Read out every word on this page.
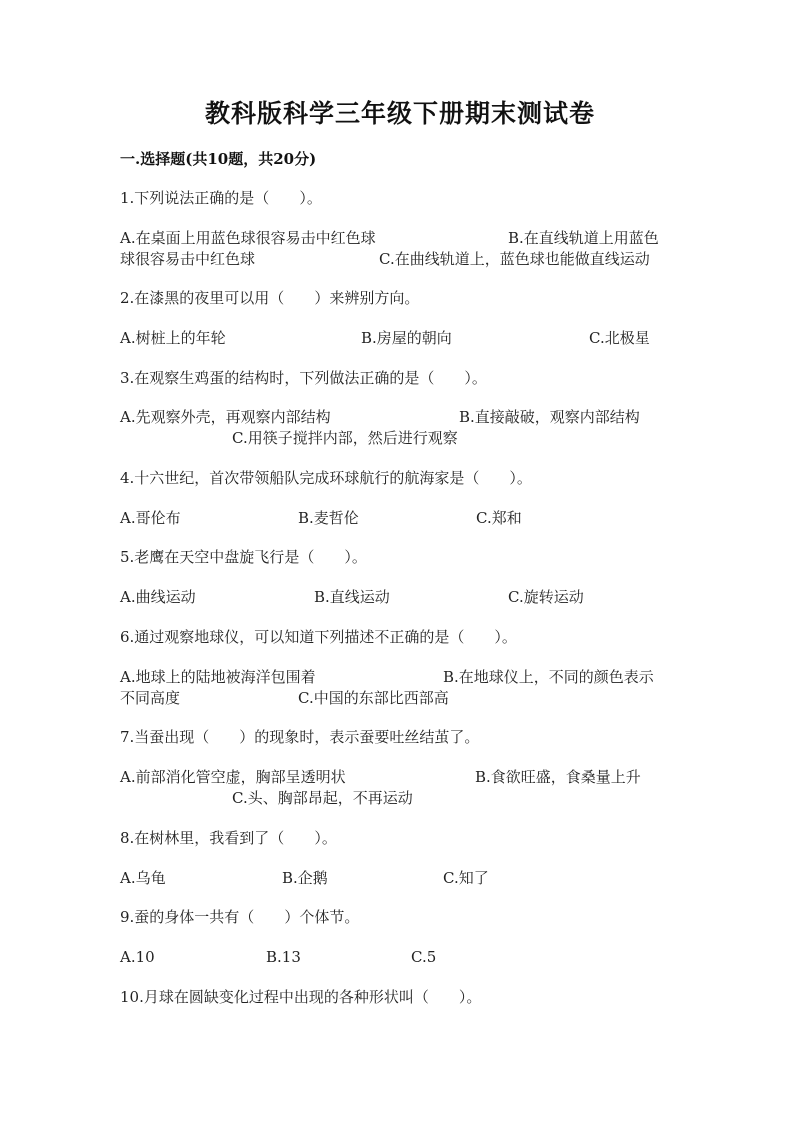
教科版科学三年级下册期末测试卷
一.选择题(共10题，共20分)
1.下列说法正确的是（　　）。
A.在桌面上用蓝色球很容易击中红色球	B.在直线轨道上用蓝色
球很容易击中红色球	C.在曲线轨道上，蓝色球也能做直线运动
2.在漆黑的夜里可以用（　　）来辨别方向。
A.树桩上的年轮	B.房屋的朝向	C.北极星
3.在观察生鸡蛋的结构时，下列做法正确的是（　　）。
A.先观察外壳，再观察内部结构	B.直接敲破，观察内部结构
C.用筷子搅拌内部，然后进行观察
4.十六世纪，首次带领船队完成环球航行的航海家是（　　）。
A.哥伦布	B.麦哲伦	C.郑和
5.老鹰在天空中盘旋飞行是（　　）。
A.曲线运动	B.直线运动	C.旋转运动
6.通过观察地球仪，可以知道下列描述不正确的是（　　）。
A.地球上的陆地被海洋包围着	B.在地球仪上，不同的颜色表示
不同高度	C.中国的东部比西部高
7.当蚕出现（　　）的现象时，表示蚕要吐丝结茧了。
A.前部消化管空虚，胸部呈透明状	B.食欲旺盛，食桑量上升
C.头、胸部昂起，不再运动
8.在树林里，我看到了（　　）。
A.乌龟	B.企鹅	C.知了
9.蚕的身体一共有（　　）个体节。
A.10	B.13	C.5
10.月球在圆缺变化过程中出现的各种形状叫（　　）。
